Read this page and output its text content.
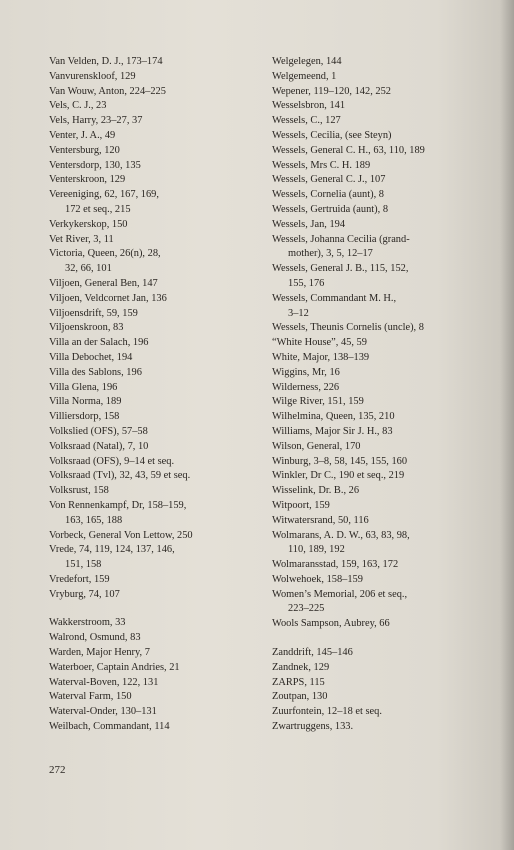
Van Velden, D. J., 173–174
Vanvurenskloof, 129
Van Wouw, Anton, 224–225
Vels, C. J., 23
Vels, Harry, 23–27, 37
Venter, J. A., 49
Ventersburg, 120
Ventersdorp, 130, 135
Venterskroon, 129
Vereeniging, 62, 167, 169,
172 et seq., 215
Verkykerskop, 150
Vet River, 3, 11
Victoria, Queen, 26(n), 28,
32, 66, 101
Viljoen, General Ben, 147
Viljoen, Veldcornet Jan, 136
Viljoensdrift, 59, 159
Viljoenskroon, 83
Villa an der Salach, 196
Villa Debochet, 194
Villa des Sablons, 196
Villa Glena, 196
Villa Norma, 189
Villiersdorp, 158
Volkslied (OFS), 57–58
Volksraad (Natal), 7, 10
Volksraad (OFS), 9–14 et seq.
Volksraad (Tvl), 32, 43, 59 et seq.
Volksrust, 158
Von Rennenkampf, Dr, 158–159,
163, 165, 188
Vorbeck, General Von Lettow, 250
Vrede, 74, 119, 124, 137, 146,
151, 158
Vredefort, 159
Vryburg, 74, 107
Wakkerstroom, 33
Walrond, Osmund, 83
Warden, Major Henry, 7
Waterboer, Captain Andries, 21
Waterval-Boven, 122, 131
Waterval Farm, 150
Waterval-Onder, 130–131
Weilbach, Commandant, 114
Welgelegen, 144
Welgemeend, 1
Wepener, 119–120, 142, 252
Wesselsbron, 141
Wessels, C., 127
Wessels, Cecilia, (see Steyn)
Wessels, General C. H., 63, 110, 189
Wessels, Mrs C. H. 189
Wessels, General C. J., 107
Wessels, Cornelia (aunt), 8
Wessels, Gertruida (aunt), 8
Wessels, Jan, 194
Wessels, Johanna Cecilia (grand-
mother), 3, 5, 12–17
Wessels, General J. B., 115, 152,
155, 176
Wessels, Commandant M. H.,
3–12
Wessels, Theunis Cornelis (uncle), 8
“White House”, 45, 59
White, Major, 138–139
Wiggins, Mr, 16
Wilderness, 226
Wilge River, 151, 159
Wilhelmina, Queen, 135, 210
Williams, Major Sir J. H., 83
Wilson, General, 170
Winburg, 3–8, 58, 145, 155, 160
Winkler, Dr C., 190 et seq., 219
Wisselink, Dr. B., 26
Witpoort, 159
Witwatersrand, 50, 116
Wolmarans, A. D. W., 63, 83, 98,
110, 189, 192
Wolmaransstad, 159, 163, 172
Wolwehoek, 158–159
Women’s Memorial, 206 et seq.,
223–225
Wools Sampson, Aubrey, 66
Zanddrift, 145–146
Zandnek, 129
ZARPS, 115
Zoutpan, 130
Zuurfontein, 12–18 et seq.
Zwartruggens, 133.
272
